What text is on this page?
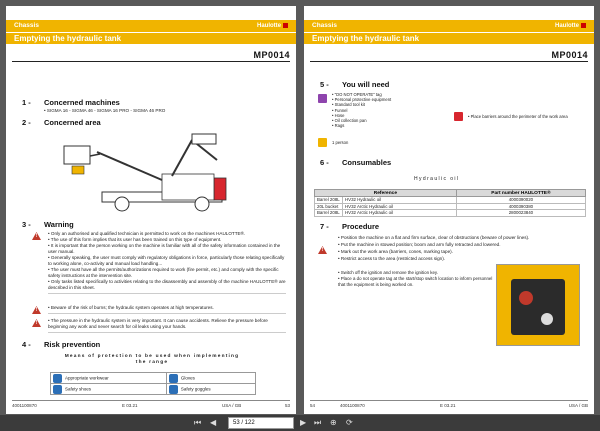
Chassis	Haulotte
Emptying the hydraulic tank
MP0014
1 - Concerned machines
• SIGMA 16 - SIGMA 46 - SIGMA 16 PRO - SIGMA 46 PRO
2 - Concerned area
3 - Warning
!	• Only an authorised and qualified technician is permitted to work on the machines HAULOTTE®.
• The use of this form implies that its user has been trained on this type of equipment.
• It is important that the person working on the machine is familiar with all of the safety information contained in the user manual.
• Generally speaking, the user must comply with regulatory obligations in force, particularly those relating specifically to working alone, co-activity and manual load handling...
• The user must have all the permits/authorizations required to work (fire permit, etc.) and comply with the specific safety instructions at the intervention site.
• Only tasks listed specifically to activities relating to the disassembly and assembly of the machine HAULOTTE® are described in this sheet.
!	• Beware of the risk of burns; the hydraulic system operates at high temperatures.
!	• The pressure in the hydraulic system is very important. It can cause accidents. Relieve the pressure before beginning any work and never search for oil leaks using your hands.
4 - Risk prevention
Means of protection to be used when implementing the range
Appropriate workwear	Gloves
Safety shoes	Safety goggles
4001100870	E 03.21	USA / GB	53
Chassis	Haulotte
Emptying the hydraulic tank
MP0014
5 - You will need
• "DO NOT OPERATE" tag
• Personal protective equipment
• Standard tool kit
• Funnel
• Hose
• Oil collection pan
• Rags
• Place barriers around the perimeter of the work area
1 person
6 - Consumables
Hydraulic oil
Reference		Part number HAULOTTE®
Barrel 208L	HV32 Hydraulic oil	4000390020
20L bucket	HV32 Arctic Hydraulic oil	4000390380
Barrel 208L	HV32 Arctic Hydraulic oil	2800023840
7 - Procedure
!
• Position the machine on a flat and firm surface, clear of obstructions (beware of power lines).
• Put the machine in stowed position; boom and arm fully retracted and lowered.
• Mark out the work area (barriers, cones, marking tape).
• Restrict access to the area (restricted access sign).
• Switch off the ignition and remove the ignition key.
• Place a do not operate tag at the start/stop switch location to inform personnel that the equipment is being worked on.
54	4001100870	E 03.21	USA / GB
⏮ ◀	53 / 122	▶ ⏭ ⊕ ⟳
